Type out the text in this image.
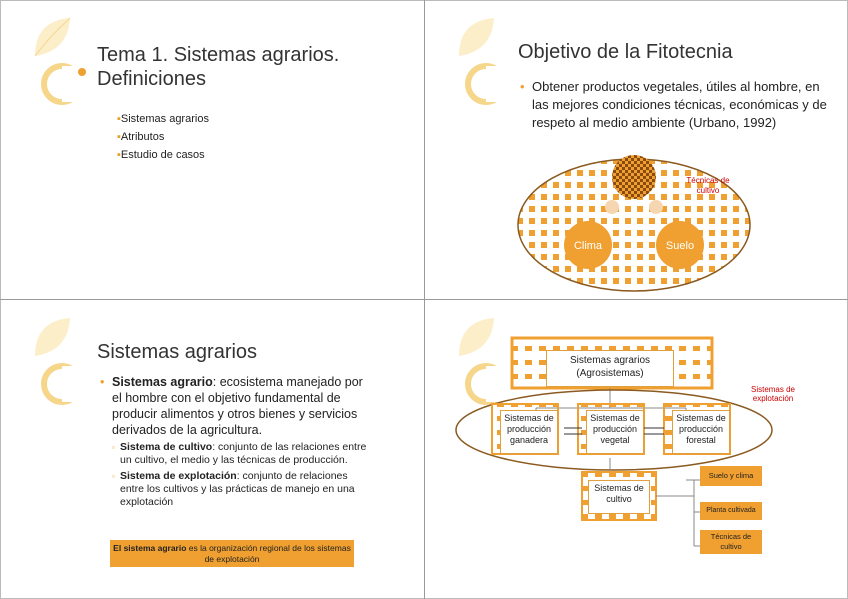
Tema 1. Sistemas agrarios.
Definiciones
▪Sistemas agrarios
▪Atributos
▪Estudio de casos
Objetivo de la Fitotecnia
• Obtener productos vegetales, útiles al hombre, en las mejores condiciones técnicas, económicas y de respeto al medio ambiente (Urbano, 1992)
Clima	Suelo
Técnicas de cultivo
Sistemas agrarios
• Sistemas agrario: ecosistema manejado por el hombre con el objetivo fundamental de producir alimentos y otros bienes y servicios derivados de la agricultura.
▫ Sistema de cultivo: conjunto de las relaciones entre un cultivo, el medio y las técnicas de producción.
▫ Sistema de explotación: conjunto de relaciones entre los cultivos y las prácticas de manejo en una explotación
El sistema agrario es la organización regional de los sistemas de explotación
Sistemas agrarios
(Agrosistemas)
Sistemas de explotación
Sistemas de producción ganadera
Sistemas de producción vegetal
Sistemas de producción forestal
Sistemas de cultivo
Suelo y clima
Planta cultivada
Técnicas de cultivo
